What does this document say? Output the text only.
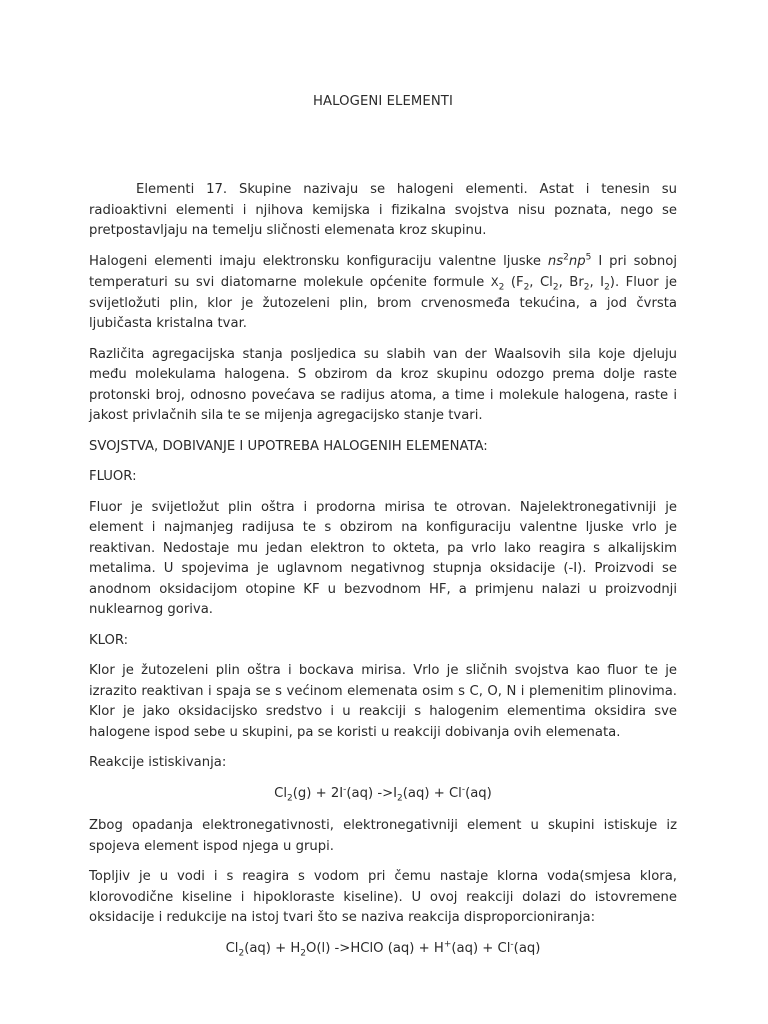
HALOGENI ELEMENTI

Elementi 17. Skupine nazivaju se halogeni elementi. Astat i tenesin su radioaktivni elementi i njihova kemijska i fizikalna svojstva nisu poznata, nego se pretpostavljaju na temelju sličnosti elemenata kroz skupinu.

Halogeni elementi imaju elektronsku konfiguraciju valentne ljuske $ns^2np^5$ I pri sobnoj temperaturi su svi diatomarne molekule općenite formule $X_2$ ($F_2$, $Cl_2$, $Br_2$, $I_2$). Fluor je svijetložuti plin, klor je žutozeleni plin, brom crvenosmeđa tekućina, a jod čvrsta ljubičasta kristalna tvar.

Različita agregacijska stanja posljedica su slabih van der Waalsovih sila koje djeluju među molekulama halogena. S obzirom da kroz skupinu odozgo prema dolje raste protonski broj, odnosno povećava se radijus atoma, a time i molekule halogena, raste i jakost privlačnih sila te se mijenja agregacijsko stanje tvari.

SVOJSTVA, DOBIVANJE I UPOTREBA HALOGENIH ELEMENATA:

FLUOR:

Fluor je svijetložut plin oštra i prodorna mirisa te otrovan. Najelektronegativniji je element i najmanjeg radijusa te s obzirom na konfiguraciju valentne ljuske vrlo je reaktivan. Nedostaje mu jedan elektron to okteta, pa vrlo lako reagira s alkalijskim metalima. U spojevima je uglavnom negativnog stupnja oksidacije (-I). Proizvodi se anodnom oksidacijom otopine KF u bezvodnom HF, a primjenu nalazi u proizvodnji nuklearnog goriva.

KLOR:

Klor je žutozeleni plin oštra i bockava mirisa. Vrlo je sličnih svojstva kao fluor te je izrazito reaktivan i spaja se s većinom elemenata osim s C, O, N i plemenitim plinovima. Klor je jako oksidacijsko sredstvo i u reakciji s halogenim elementima oksidira sve halogene ispod sebe u skupini, pa se koristi u reakciji dobivanja ovih elemenata.

Reakcije istiskivanja:

$Cl_2(g) + 2I^-(aq) ->I_2(aq) + Cl^-(aq)$

Zbog opadanja elektronegativnosti, elektronegativniji element u skupini istiskuje iz spojeva element ispod njega u grupi.

Topljiv je u vodi i s reagira s vodom pri čemu nastaje klorna voda(smjesa klora, klorovodične kiseline i hipokloraste kiseline). U ovoj reakciji dolazi do istovremene oksidacije i redukcije na istoj tvari što se naziva reakcija disproporcioniranja:

$Cl_2(aq) + H_2O(l)$ ->HClO (aq) + H+(aq) + Cl-(aq)
